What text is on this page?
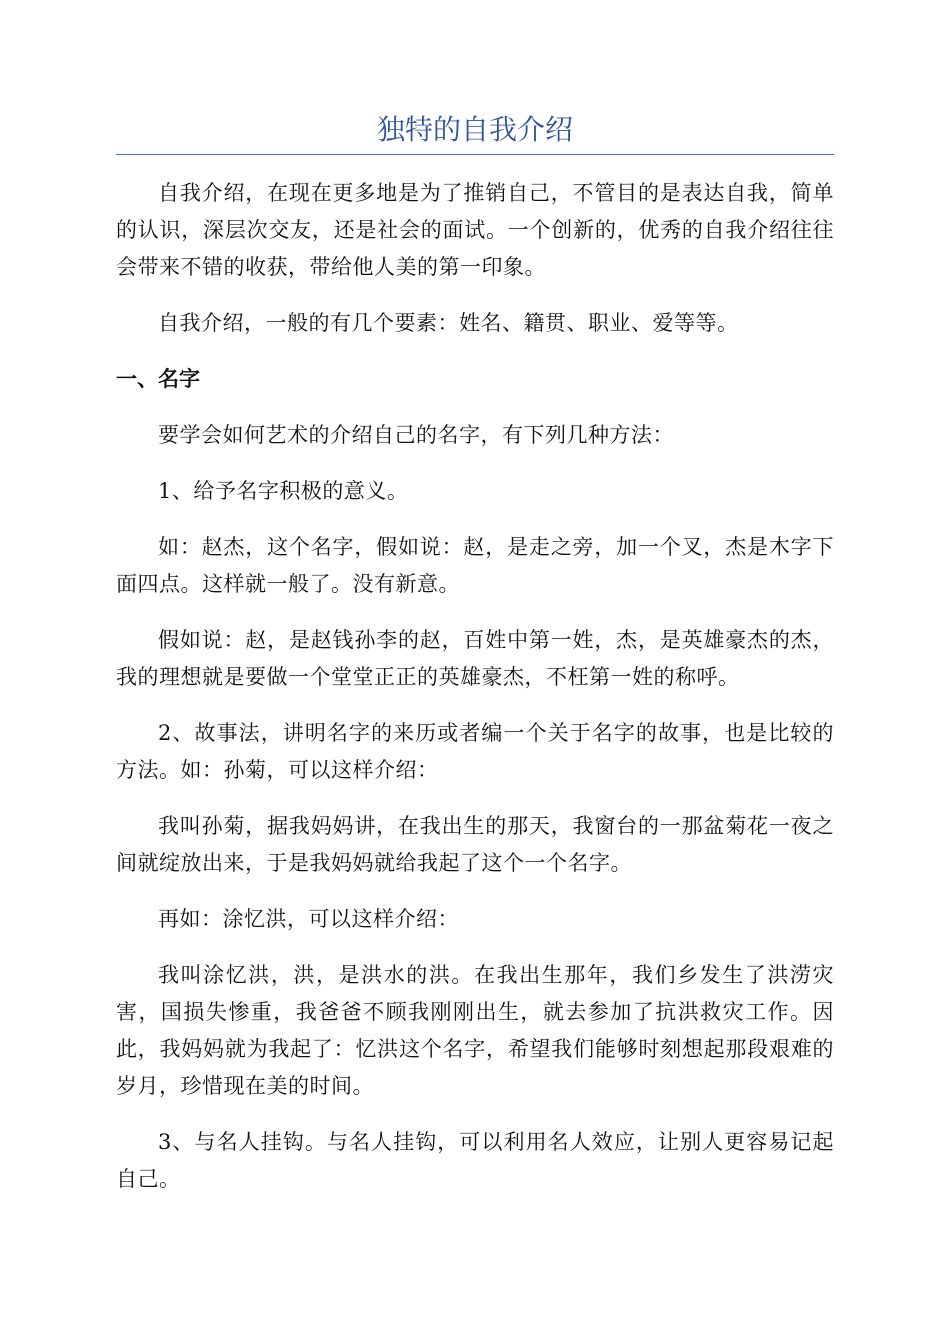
独特的自我介绍

自我介绍，在现在更多地是为了推销自己，不管目的是表达自我，简单的认识，深层次交友，还是社会的面试。一个创新的，优秀的自我介绍往往会带来不错的收获，带给他人美的第一印象。

自我介绍，一般的有几个要素：姓名、籍贯、职业、爱等等。

一、名字

要学会如何艺术的介绍自己的名字，有下列几种方法：

1、给予名字积极的意义。

如：赵杰，这个名字，假如说：赵，是走之旁，加一个叉，杰是木字下面四点。这样就一般了。没有新意。

假如说：赵，是赵钱孙李的赵，百姓中第一姓，杰，是英雄豪杰的杰，我的理想就是要做一个堂堂正正的英雄豪杰，不枉第一姓的称呼。

2、故事法，讲明名字的来历或者编一个关于名字的故事，也是比较的方法。如：孙菊，可以这样介绍：

我叫孙菊，据我妈妈讲，在我出生的那天，我窗台的一那盆菊花一夜之间就绽放出来，于是我妈妈就给我起了这个一个名字。

再如：涂忆洪，可以这样介绍：

我叫涂忆洪，洪，是洪水的洪。在我出生那年，我们乡发生了洪涝灾害，国损失惨重，我爸爸不顾我刚刚出生，就去参加了抗洪救灾工作。因此，我妈妈就为我起了：忆洪这个名字，希望我们能够时刻想起那段艰难的岁月，珍惜现在美的时间。

3、与名人挂钩。与名人挂钩，可以利用名人效应，让别人更容易记起自己。
